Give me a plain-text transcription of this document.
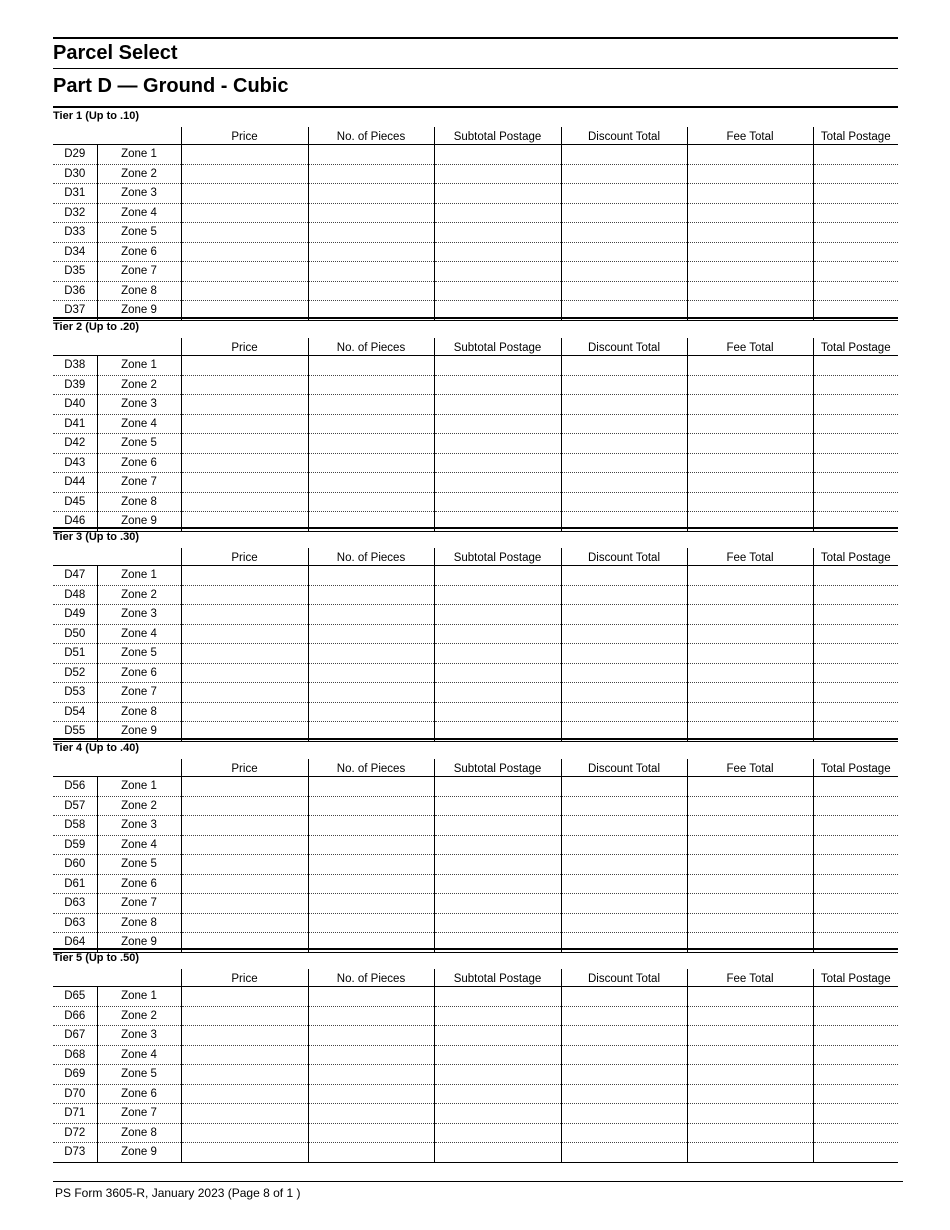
Parcel Select
Part D — Ground - Cubic
Tier 1 (Up to .10)
		Price	No. of Pieces	Subtotal Postage	Discount Total	Fee Total	Total Postage
D29	Zone 1						
D30	Zone 2						
D31	Zone 3						
D32	Zone 4						
D33	Zone 5						
D34	Zone 6						
D35	Zone 7						
D36	Zone 8						
D37	Zone 9						
Tier 2 (Up to .20)
		Price	No. of Pieces	Subtotal Postage	Discount Total	Fee Total	Total Postage
D38	Zone 1						
D39	Zone 2						
D40	Zone 3						
D41	Zone 4						
D42	Zone 5						
D43	Zone 6						
D44	Zone 7						
D45	Zone 8						
D46	Zone 9						
Tier 3 (Up to .30)
		Price	No. of Pieces	Subtotal Postage	Discount Total	Fee Total	Total Postage
D47	Zone 1						
D48	Zone 2						
D49	Zone 3						
D50	Zone 4						
D51	Zone 5						
D52	Zone 6						
D53	Zone 7						
D54	Zone 8						
D55	Zone 9						
Tier 4 (Up to .40)
		Price	No. of Pieces	Subtotal Postage	Discount Total	Fee Total	Total Postage
D56	Zone 1						
D57	Zone 2						
D58	Zone 3						
D59	Zone 4						
D60	Zone 5						
D61	Zone 6						
D63	Zone 7						
D63	Zone 8						
D64	Zone 9						
Tier 5 (Up to .50)
		Price	No. of Pieces	Subtotal Postage	Discount Total	Fee Total	Total Postage
D65	Zone 1						
D66	Zone 2						
D67	Zone 3						
D68	Zone 4						
D69	Zone 5						
D70	Zone 6						
D71	Zone 7						
D72	Zone 8						
D73	Zone 9						
PS Form 3605-R, January 2023 (Page 8 of 1 )
